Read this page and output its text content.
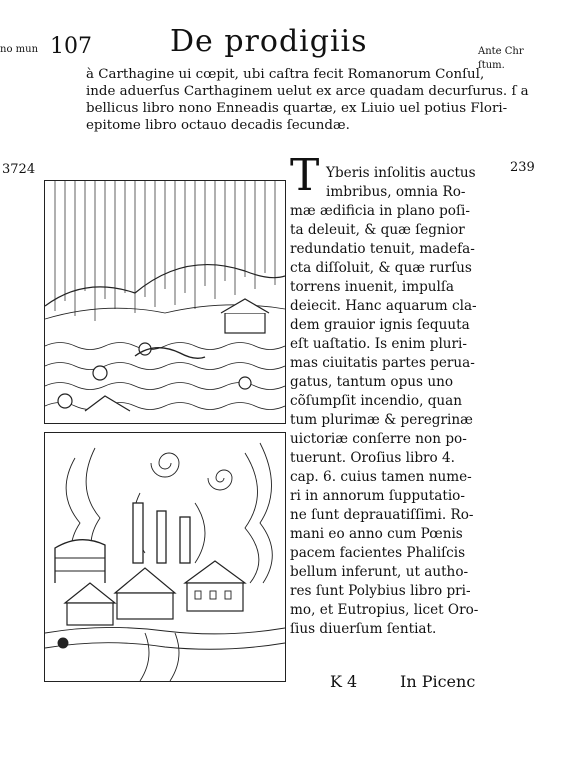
no mun 107	De prodigiis	Ante Chr
ſtum.
à Carthagine ui cœpit, ubi caſtra fecit Romanorum Conſul,
inde aduerſus Carthaginem uelut ex arce quadam decurſurus. ſ a
bellicus libro nono Enneadis quartæ, ex Liuio uel potius Flori-
epitome libro octauo decadis ſecundæ.
3724	239
T Yberis inſolitis auctus
imbribus, omnia Ro-
mæ ædificia in plano poſi-
ta deleuit, & quæ ſegnior
redundatio tenuit, madefa-
cta diſſoluit, & quæ rurſus
torrens inuenit, impulſa
deiecit. Hanc aquarum cla-
dem grauior ignis ſequuta
eſt uaſtatio. Is enim pluri-
mas ciuitatis partes perua-
gatus, tantum opus uno
cõſumpſit incendio, quan
tum plurimæ & peregrinæ
uictoriæ conſerre non po-
tuerunt. Oroſius libro 4.
cap. 6. cuius tamen nume-
ri in annorum ſupputatio-
ne ſunt deprauatiſſimi. Ro-
mani eo anno cum Pœnis
pacem facientes Phaliſcis
bellum inferunt, ut autho-
res ſunt Polybius libro pri-
mo, et Eutropius, licet Oro-
ſius diuerſum ſentiat.
K 4	In Picenc
